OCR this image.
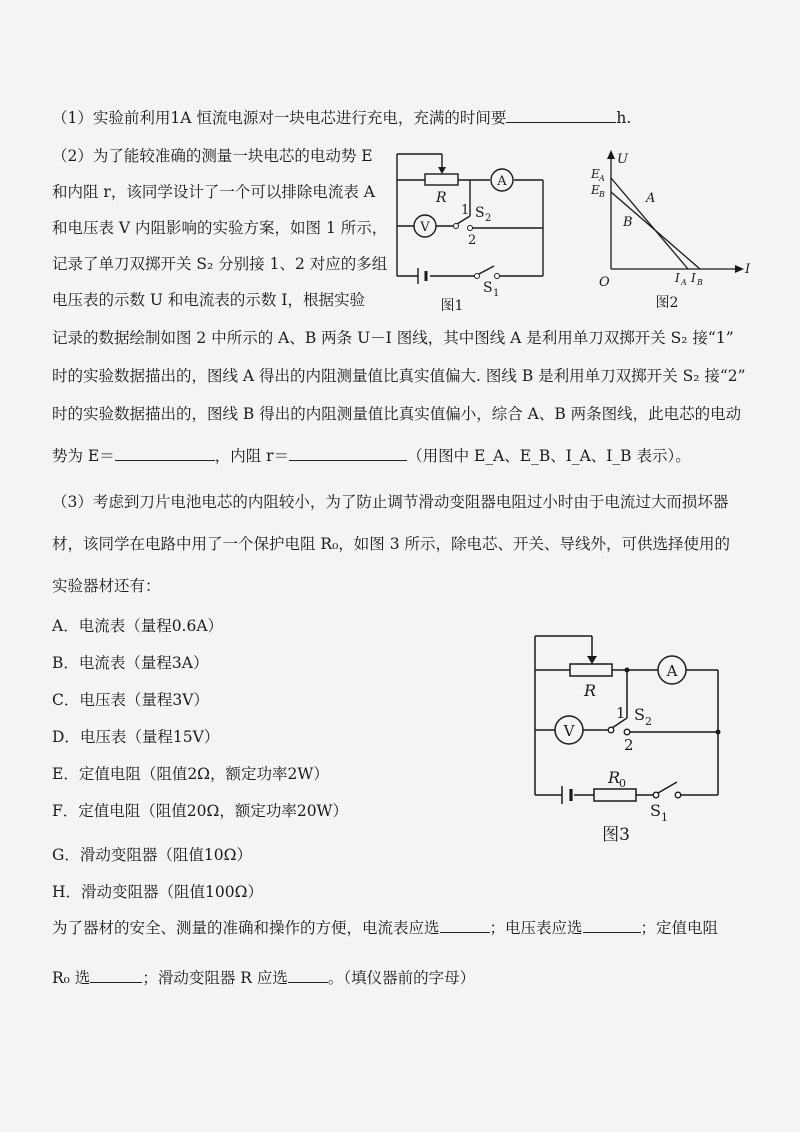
（1）实验前利用1A 恒流电源对一块电芯进行充电，充满的时间要	h.
（2）为了能较准确的测量一块电芯的电动势 E
和内阻 r，该同学设计了一个可以排除电流表 A
和电压表 V 内阻影响的实验方案，如图 1 所示，
记录了单刀双掷开关 S₂ 分别接 1、2 对应的多组
电压表的示数 U 和电流表的示数 I，根据实验
记录的数据绘制如图 2 中所示的 A、B 两条 U－I 图线，其中图线 A 是利用单刀双掷开关 S₂ 接“1”
时的实验数据描出的，图线 A 得出的内阻测量值比真实值偏大. 图线 B 是利用单刀双掷开关 S₂ 接“2”
时的实验数据描出的，图线 B 得出的内阻测量值比真实值偏小，综合 A、B 两条图线，此电芯的电动
势为 E＝	，内阻 r＝	（用图中 E_A、E_B、I_A、I_B 表示）。
R
A
V
1 S 2
2
S 1
图1
U
I
O
E A
E B	A
B
I A I B
图2
（3）考虑到刀片电池电芯的内阻较小，为了防止调节滑动变阻器电阻过小时由于电流过大而损坏器
材，该同学在电路中用了一个保护电阻 R₀，如图 3 所示，除电芯、开关、导线外，可供选择使用的
实验器材还有：
A．电流表（量程0.6A）
B．电流表（量程3A）
C．电压表（量程3V）
D．电压表（量程15V）
E．定值电阻（阻值2Ω，额定功率2W）
F．定值电阻（阻值20Ω，额定功率20W）
G．滑动变阻器（阻值10Ω）
H．滑动变阻器（阻值100Ω）
为了器材的安全、测量的准确和操作的方便，电流表应选	；电压表应选	；定值电阻
R₀ 选	；滑动变阻器 R 应选	。（填仪器前的字母）
R
A
V
1 S 2
2
R
0
S 1
图3
